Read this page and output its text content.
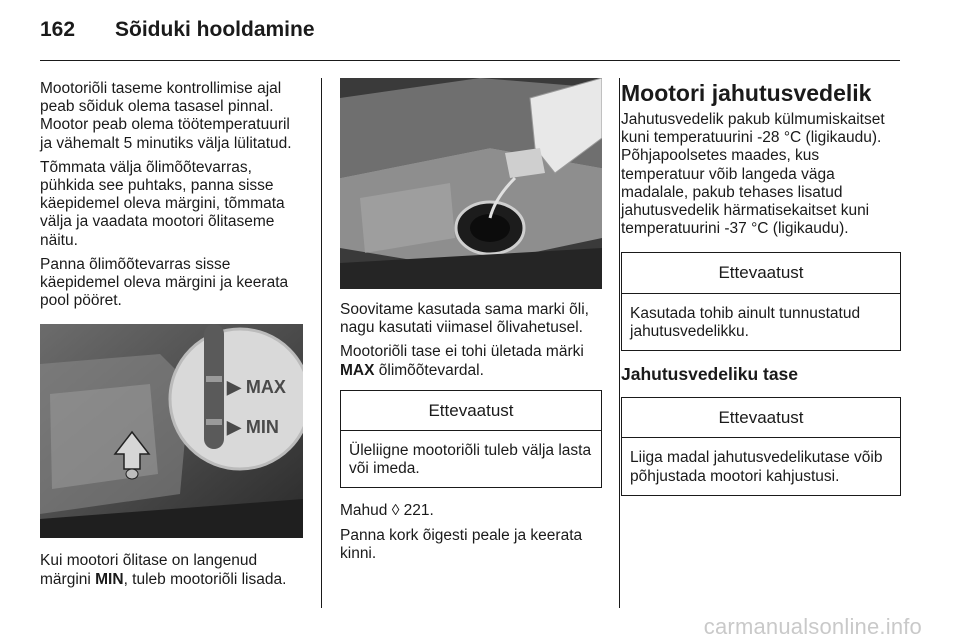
162	Sõiduki hooldamine

Mootoriõli taseme kontrollimise ajal peab sõiduk olema tasasel pinnal. Mootor peab olema töötemperatuuril ja vähemalt 5 minutiks välja lülitatud.

Tõmmata välja õlimõõtevarras, pühkida see puhtaks, panna sisse käepidemel oleva märgini, tõmmata välja ja vaadata mootori õlitaseme näitu.

Panna õlimõõtevarras sisse käepidemel oleva märgini ja keerata pool pööret.

▶ MAX
▶ MIN

Kui mootori õlitase on langenud märgini MIN, tuleb mootoriõli lisada.

Soovitame kasutada sama marki õli, nagu kasutati viimasel õlivahetusel.

Mootoriõli tase ei tohi ületada märki MAX õlimõõtevardal.

Ettevaatust
Üleliigne mootoriõli tuleb välja lasta või imeda.

Mahud ◊ 221.

Panna kork õigesti peale ja keerata kinni.

Mootori jahutusvedelik

Jahutusvedelik pakub külmumiskaitset kuni temperatuurini -28 °C (ligikaudu). Põhjapoolsetes maades, kus temperatuur võib langeda väga madalale, pakub tehases lisatud jahutusvedelik härmatisekaitset kuni temperatuurini -37 °C (ligikaudu).

Ettevaatust
Kasutada tohib ainult tunnustatud jahutusvedelikku.
Jahutusvedeliku tase
Ettevaatust
Liiga madal jahutusvedelikutase võib põhjustada mootori kahjustusi.
carmanualsonline.info
